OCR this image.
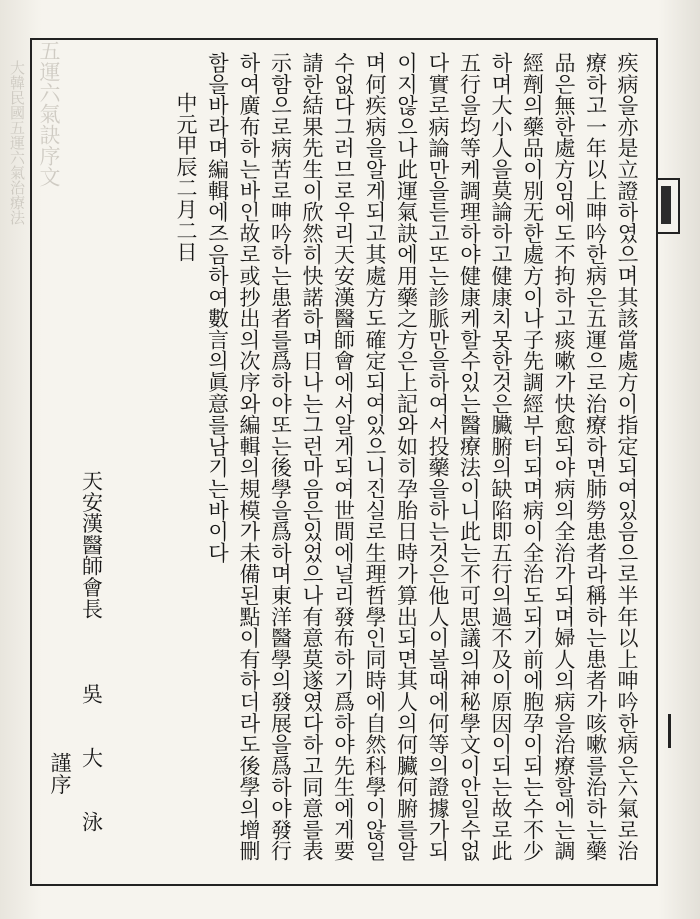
五運六氣訣序文
大韓民國五運六氣治療法	疾病을亦是立證하였으며其該當處方이指定되여있음으로半年以上呻吟한病은六氣로治
療하고一年以上呻吟한病은五運으로治療하면肺勞患者라稱하는患者가咳嗽를治하는藥
品은無한處方임에도不拘하고痰嗽가快愈되야病의全治가되며婦人의病을治療할에는調
經劑의藥品이別无한處方이나子先調經부터되며病이全治도되기前에胞孕이되는수不少
하며大小人을莫論하고健康치못한것은臟腑의缺陷即五行의過不及이原因이되는故로此
五行을均等케調理하야健康케할수있는醫療法이니此는不可思議의神秘學文이안일수없
다實로病論만을듣고또는診脈만을하여서投藥을하는것은他人이볼때에何等의證據가되
이지않으나此運氣訣에用藥之方은上記와如히孕胎日時가算出되면其人의何臟何腑를알
며何疾病을알게되고其處方도確定되여있으니진실로生理哲學인同時에自然科學이않일
수없다그러므로우리天安漢醫師會에서알게되여世間에널리發布하기爲하야先生에게要
請한結果先生이欣然히快諾하며日나는그런마음은있었으나有意莫遂였다하고同意를表
示함으로病苦로呻吟하는患者를爲하야또는後學을爲하며東洋醫學의發展을爲하야發行
하여廣布하는바인故로或抄出의次序와編輯의規模가未備된點이有하더라도後學의增刪
함을바라며編輯에즈음하여數言의眞意를남기는바이다
中元甲辰二月二日

天安漢醫師會長　　　吳　　大　　泳
謹序
